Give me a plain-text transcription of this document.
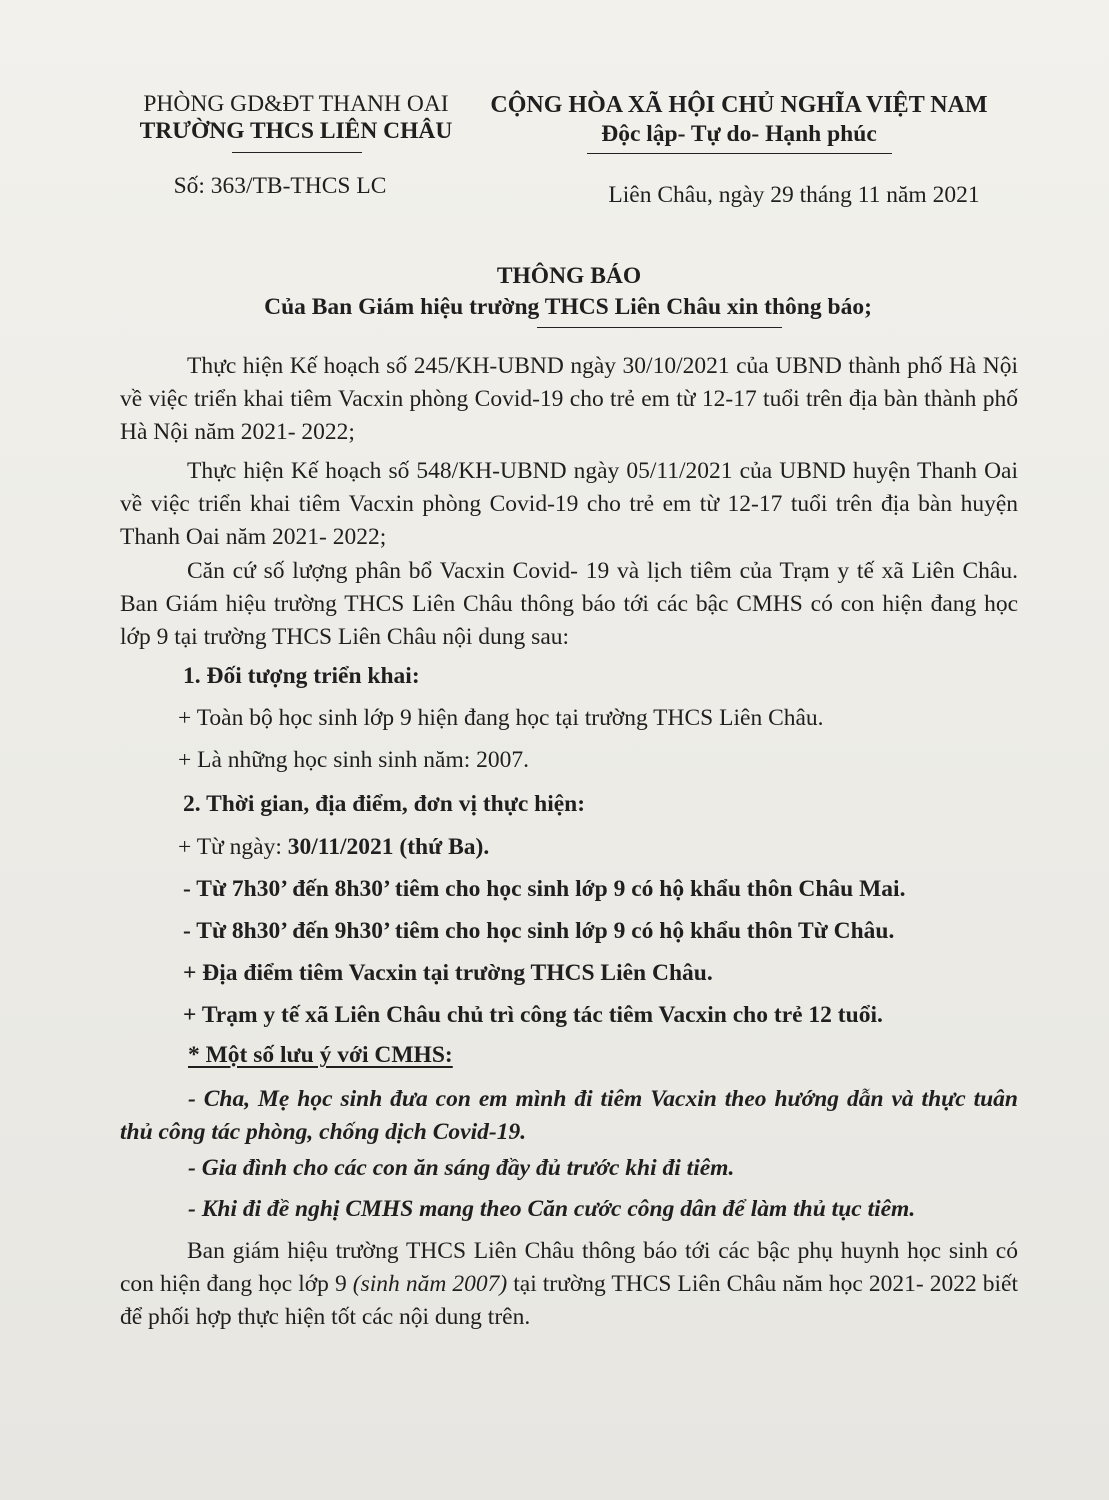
PHÒNG GD&ĐT THANH OAI
TRƯỜNG THCS LIÊN CHÂU
Số: 363/TB-THCS LC
CỘNG HÒA XÃ HỘI CHỦ NGHĨA VIỆT NAM
Độc lập- Tự do- Hạnh phúc
Liên Châu, ngày 29 tháng 11 năm 2021
THÔNG BÁO
Của Ban Giám hiệu trường THCS Liên Châu xin thông báo;
Thực hiện Kế hoạch số 245/KH-UBND ngày 30/10/2021 của UBND thành phố Hà Nội về việc triển khai tiêm Vacxin phòng Covid-19 cho trẻ em từ 12-17 tuổi trên địa bàn thành phố Hà Nội năm 2021- 2022;
Thực hiện Kế hoạch số 548/KH-UBND ngày 05/11/2021 của UBND huyện Thanh Oai về việc triển khai tiêm Vacxin phòng Covid-19 cho trẻ em từ 12-17 tuổi trên địa bàn huyện Thanh Oai năm 2021- 2022;
Căn cứ số lượng phân bổ Vacxin Covid- 19 và lịch tiêm của Trạm y tế xã Liên Châu. Ban Giám hiệu trường THCS Liên Châu thông báo tới các bậc CMHS có con hiện đang học lớp 9 tại trường THCS Liên Châu nội dung sau:
1. Đối tượng triển khai:
+ Toàn bộ học sinh lớp 9 hiện đang học tại trường THCS Liên Châu.
+ Là những học sinh sinh năm: 2007.
2. Thời gian, địa điểm, đơn vị thực hiện:
+ Từ ngày: 30/11/2021 (thứ Ba).
- Từ 7h30’ đến 8h30’ tiêm cho học sinh lớp 9 có hộ khẩu thôn Châu Mai.
- Từ 8h30’ đến 9h30’ tiêm cho học sinh lớp 9 có hộ khẩu thôn Từ Châu.
+ Địa điểm tiêm Vacxin tại trường THCS Liên Châu.
+ Trạm y tế xã Liên Châu chủ trì công tác tiêm Vacxin cho trẻ 12 tuổi.
* Một số lưu ý với CMHS:
- Cha, Mẹ học sinh đưa con em mình đi tiêm Vacxin theo hướng dẫn và thực tuân thủ công tác phòng, chống dịch Covid-19.
- Gia đình cho các con ăn sáng đầy đủ trước khi đi tiêm.
- Khi đi đề nghị CMHS mang theo Căn cước công dân để làm thủ tục tiêm.
Ban giám hiệu trường THCS Liên Châu thông báo tới các bậc phụ huynh học sinh có con hiện đang học lớp 9 (sinh năm 2007) tại trường THCS Liên Châu năm học 2021- 2022 biết để phối hợp thực hiện tốt các nội dung trên.
